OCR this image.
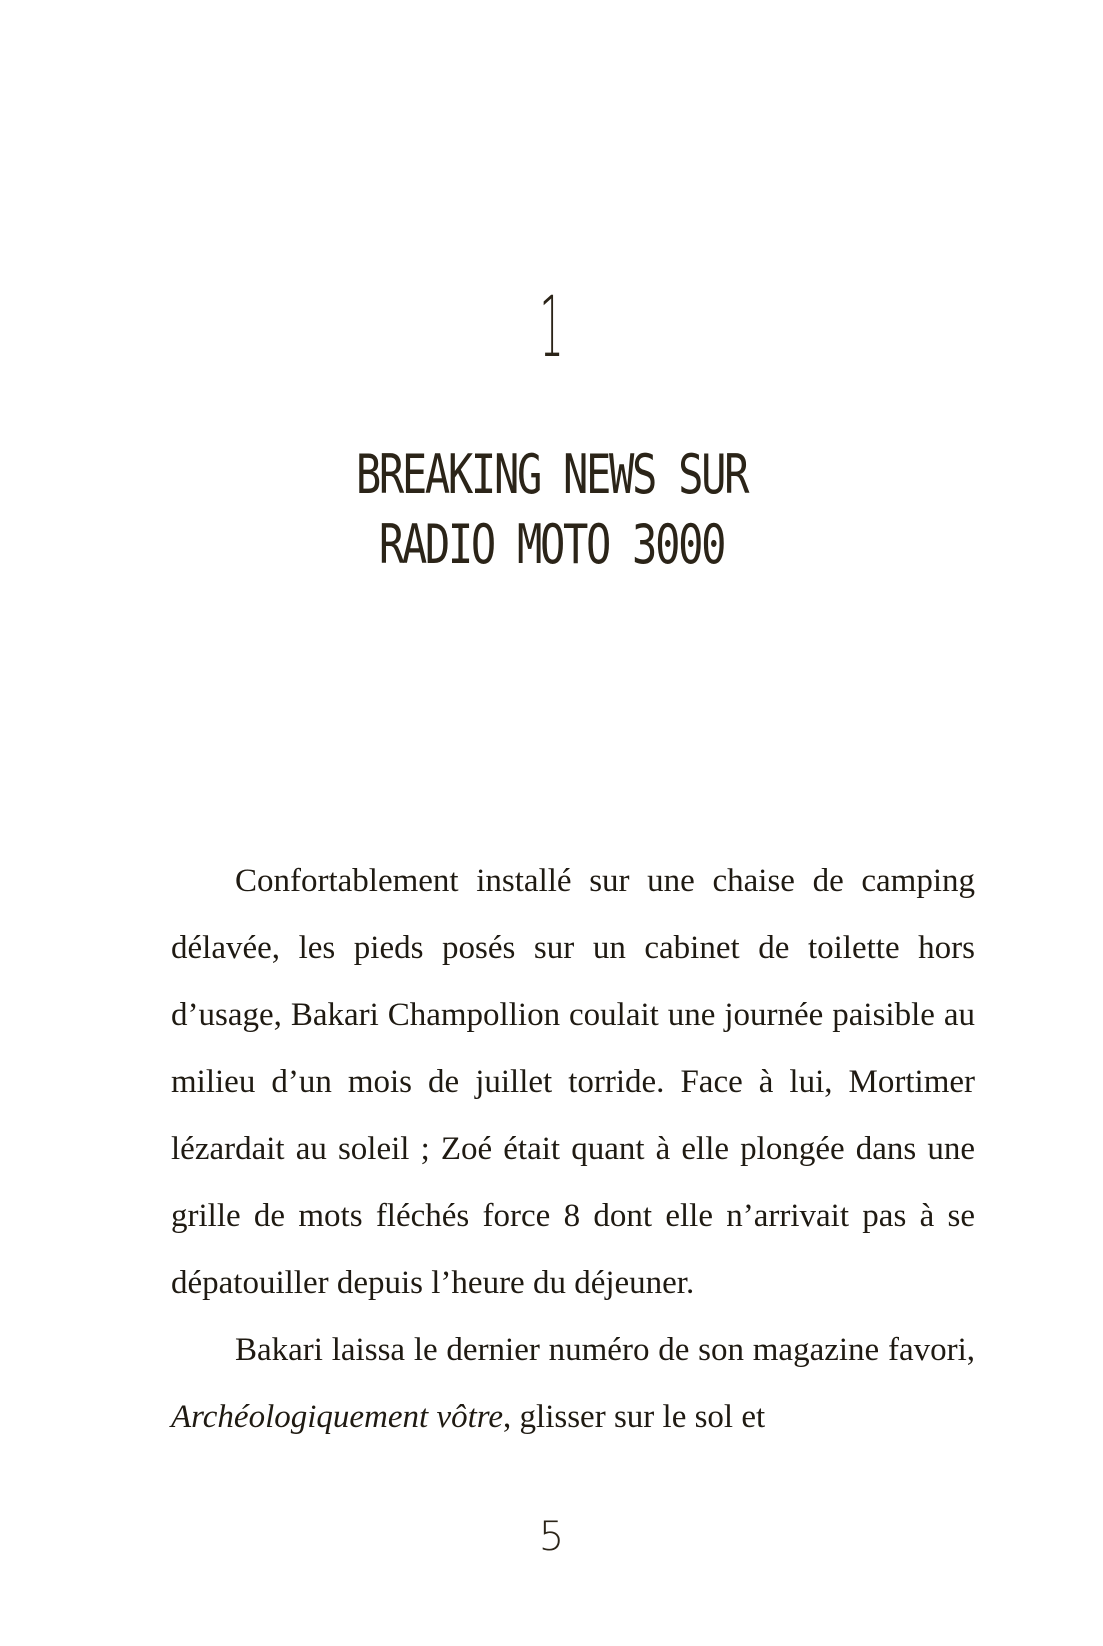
1
BREAKING NEWS SUR
RADIO MOTO 3000

Confortablement installé sur une chaise de camping délavée, les pieds posés sur un cabinet de toilette hors d’usage, Bakari Champollion coulait une journée paisible au milieu d’un mois de juillet torride. Face à lui, Mortimer lézardait au soleil ; Zoé était quant à elle plongée dans une grille de mots fléchés force 8 dont elle n’arrivait pas à se dépatouiller depuis l’heure du déjeuner.

Bakari laissa le dernier numéro de son magazine favori, Archéologiquement vôtre, glisser sur le sol et

5
